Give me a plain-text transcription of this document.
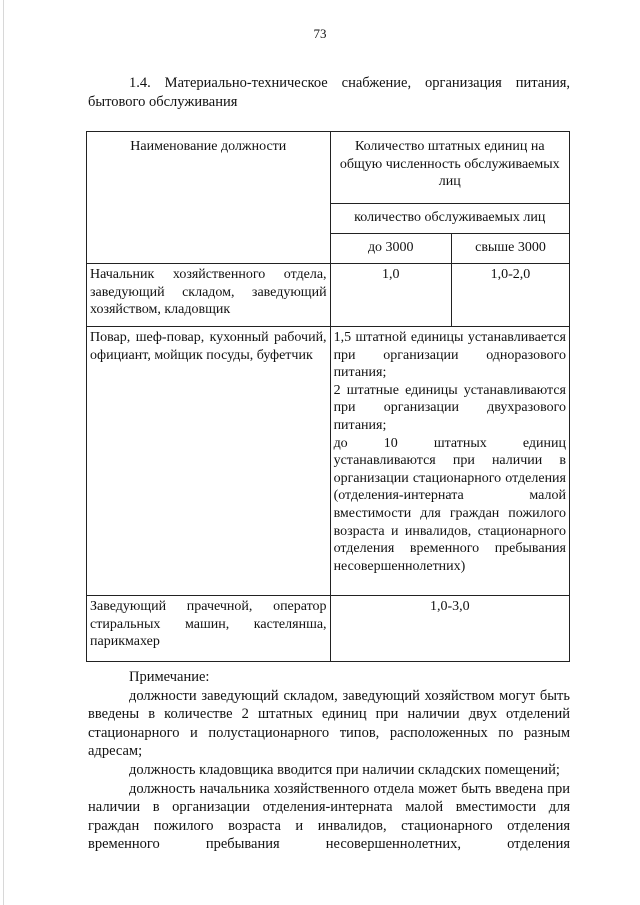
73
1.4. Материально-техническое снабжение, организация питания, бытового обслуживания
Наименование должности	Количество штатных единиц на общую численность обслуживаемых лиц	

	количество обслуживаемых лиц	

	до 3000	свыше 3000

Начальник хозяйственного отдела, заведующий складом, заведующий хозяйством, кладовщик	1,0	1,0-2,0
Повар, шеф-повар, кухонный рабочий, официант, мойщик посуды, буфетчик	1,5 штатной единицы устанавливается при организации одноразового питания;
2 штатные единицы устанавливаются при организации двухразового питания;
до 10 штатных единиц устанавливаются при наличии в организации стационарного отделения (отделения-интерната малой вместимости для граждан пожилого возраста и инвалидов, стационарного отделения временного пребывания несовершеннолетних)	

Заведующий прачечной, оператор стиральных машин, кастелянша, парикмахер	1,0-3,0	
Примечание:
должности заведующий складом, заведующий хозяйством могут быть введены в количестве 2 штатных единиц при наличии двух отделений стационарного и полустационарного типов, расположенных по разным адресам;
должность кладовщика вводится при наличии складских помещений;
должность начальника хозяйственного отдела может быть введена при наличии в организации отделения-интерната малой вместимости для граждан пожилого возраста и инвалидов, стационарного отделения временного пребывания несовершеннолетних, отделения
